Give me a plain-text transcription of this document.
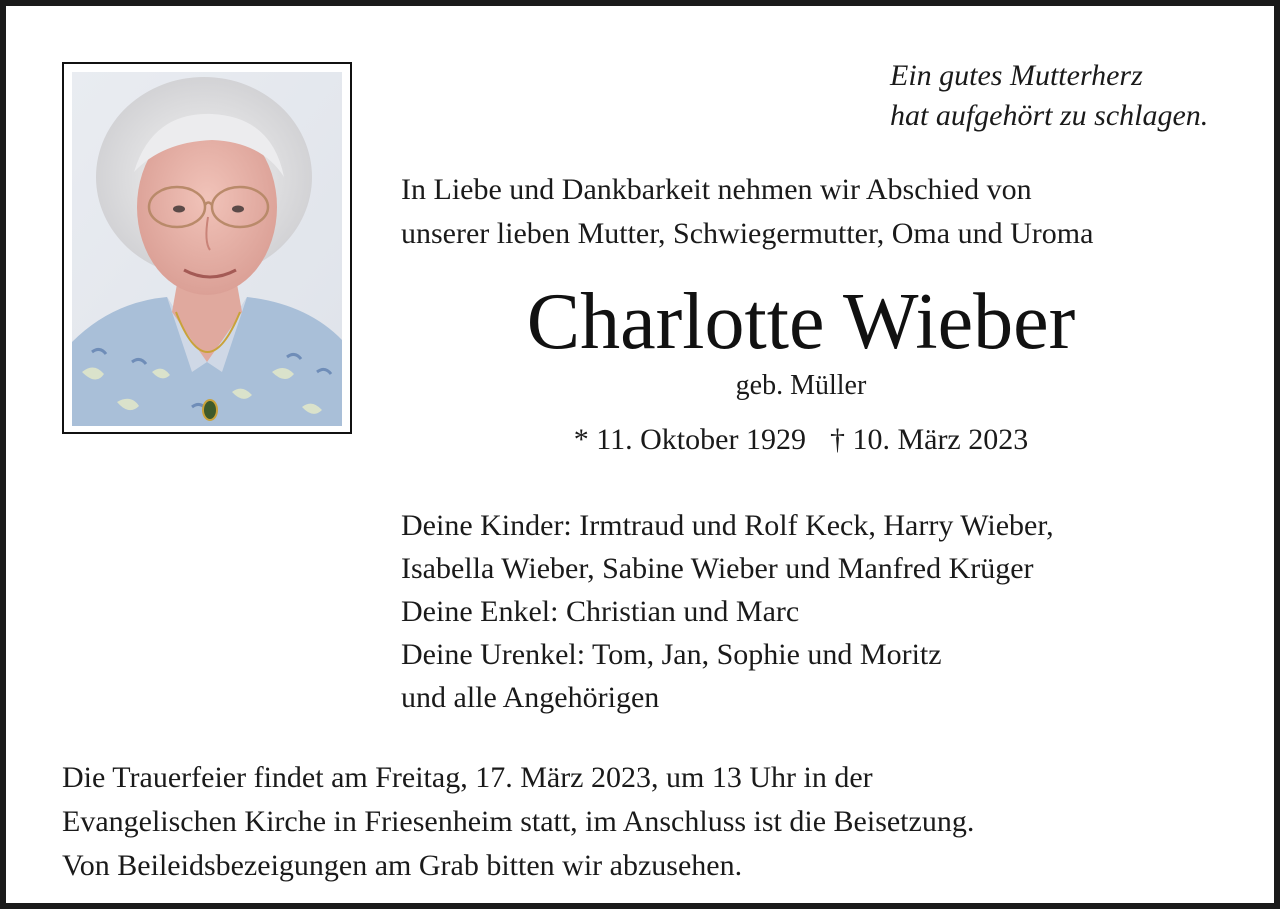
Ein gutes Mutterherz
hat aufgehört zu schlagen.
In Liebe und Dankbarkeit nehmen wir Abschied von
unserer lieben Mutter, Schwiegermutter, Oma und Uroma
Charlotte Wieber
geb. Müller
* 11. Oktober 1929 † 10. März 2023
Deine Kinder: Irmtraud und Rolf Keck, Harry Wieber,
Isabella Wieber, Sabine Wieber und Manfred Krüger
Deine Enkel: Christian und Marc
Deine Urenkel: Tom, Jan, Sophie und Moritz
und alle Angehörigen
Die Trauerfeier findet am Freitag, 17. März 2023, um 13 Uhr in der
Evangelischen Kirche in Friesenheim statt, im Anschluss ist die Beisetzung.
Von Beileidsbezeigungen am Grab bitten wir abzusehen.
